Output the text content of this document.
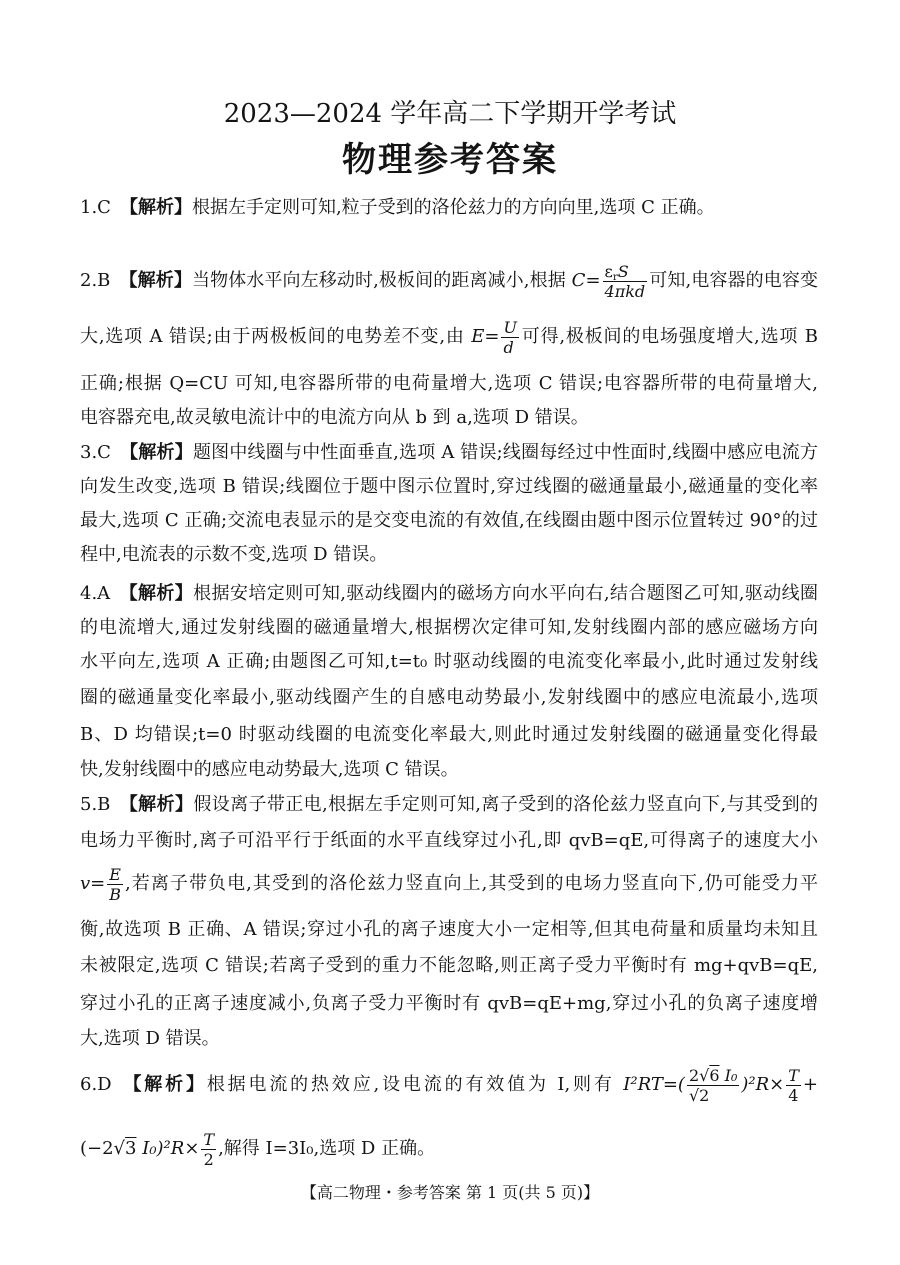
2023—2024 学年高二下学期开学考试
物理参考答案
1.C 【解析】根据左手定则可知,粒子受到的洛伦兹力的方向向里,选项 C 正确。
2.B 【解析】当物体水平向左移动时,极板间的距离减小,根据 $C= \frac{\varepsilon_rS}{\text{4πkd}}$ 可知,电容器的电容变
大,选项 A 错误;由于两极板间的电势差不变,由 $E= \frac{U}{d}$ 可得,极板间的电场强度增大,选项 B
正确;根据 Q=CU 可知,电容器所带的电荷量增大,选项 C 错误;电容器所带的电荷量增大,
电容器充电,故灵敏电流计中的电流方向从 b 到 a,选项 D 错误。
3.C 【解析】题图中线圈与中性面垂直,选项 A 错误;线圈每经过中性面时,线圈中感应电流方
向发生改变,选项 B 错误;线圈位于题中图示位置时,穿过线圈的磁通量最小,磁通量的变化率
最大,选项 C 正确;交流电表显示的是交变电流的有效值,在线圈由题中图示位置转过 90°的过
程中,电流表的示数不变,选项 D 错误。
4.A 【解析】根据安培定则可知,驱动线圈内的磁场方向水平向右,结合题图乙可知,驱动线圈
的电流增大,通过发射线圈的磁通量增大,根据楞次定律可知,发射线圈内部的感应磁场方向
水平向左,选项 A 正确;由题图乙可知,t=t₀ 时驱动线圈的电流变化率最小,此时通过发射线
圈的磁通量变化率最小,驱动线圈产生的自感电动势最小,发射线圈中的感应电流最小,选项
B、D 均错误;t=0 时驱动线圈的电流变化率最大,则此时通过发射线圈的磁通量变化得最
快,发射线圈中的感应电动势最大,选项 C 错误。
5.B 【解析】假设离子带正电,根据左手定则可知,离子受到的洛伦兹力竖直向下,与其受到的
电场力平衡时,离子可沿平行于纸面的水平直线穿过小孔,即 qvB=qE,可得离子的速度大小
$v= \frac{E}{B}$ ,若离子带负电,其受到的洛伦兹力竖直向上,其受到的电场力竖直向下,仍可能受力平
衡,故选项 B 正确、A 错误;穿过小孔的离子速度大小一定相等,但其电荷量和质量均未知且
未被限定,选项 C 错误;若离子受到的重力不能忽略,则正离子受力平衡时有 mg+qvB=qE,
穿过小孔的正离子速度减小,负离子受力平衡时有 qvB=qE+mg,穿过小孔的负离子速度增
大,选项 D 错误。
6.D 【解析】根据电流的热效应,设电流的有效值为 I,则有 $I^2RT=( \frac{\text{2√6 I₀}}{√2} )^2R\times \frac{T}{4}$ +
(−2√3 $I_0)^2R\times \frac{T}{2}$ ,解得 I=3I₀,选项 D 正确。
【高二物理・参考答案 第 1 页(共 5 页)】
